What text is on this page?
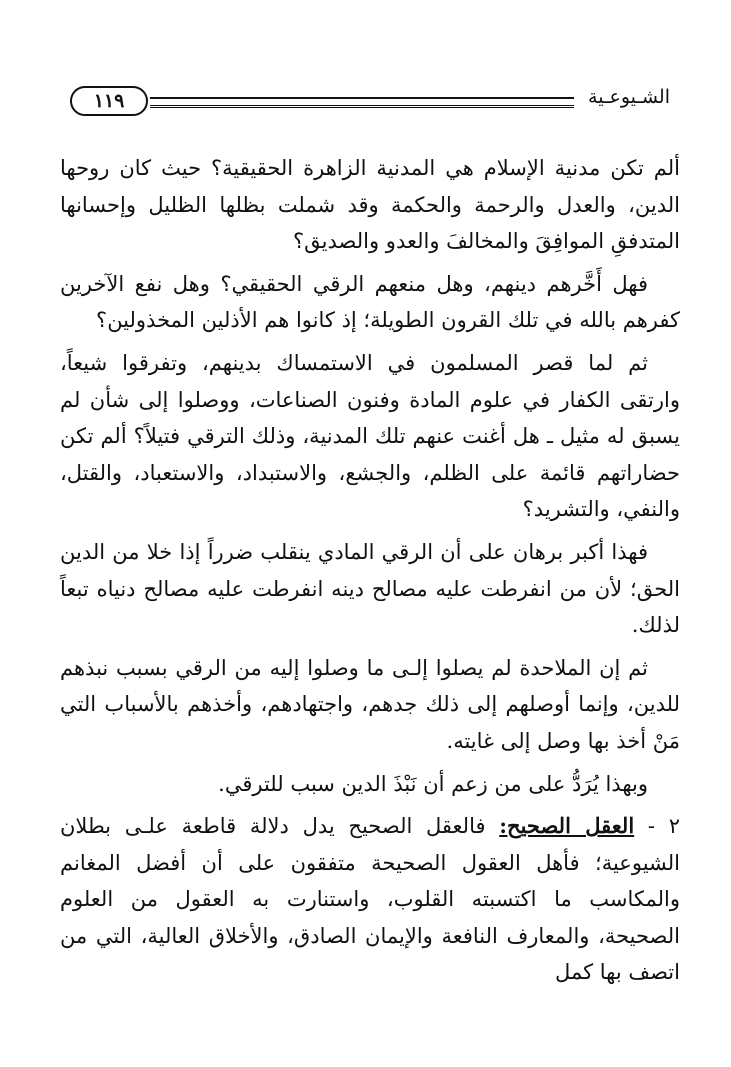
الشـيوعـية
١١٩

ألم تكن مدنية الإسلام هي المدنية الزاهرة الحقيقية؟ حيث كان روحها الدين، والعدل والرحمة والحكمة وقد شملت بظلها الظليل وإحسانها المتدفقِ الموافِقَ والمخالفَ والعدو والصديق؟

فهل أَخَّرهم دينهم، وهل منعهم الرقي الحقيقي؟ وهل نفع الآخرين كفرهم بالله في تلك القرون الطويلة؛ إذ كانوا هم الأذلين المخذولين؟

ثم لما قصر المسلمون في الاستمساك بدينهم، وتفرقوا شيعاً، وارتقى الكفار في علوم المادة وفنون الصناعات، ووصلوا إلى شأن لم يسبق له مثيل ـ هل أغنت عنهم تلك المدنية، وذلك الترقي فتيلاً؟ ألم تكن حضاراتهم قائمة على الظلم، والجشع، والاستبداد، والاستعباد، والقتل، والنفي، والتشريد؟

فهذا أكبر برهان على أن الرقي المادي ينقلب ضرراً إذا خلا من الدين الحق؛ لأن من انفرطت عليه مصالح دينه انفرطت عليه مصالح دنياه تبعاً لذلك.

ثم إن الملاحدة لم يصلوا إلـى ما وصلوا إليه من الرقي بسبب نبذهم للدين، وإنما أوصلهم إلى ذلك جدهم، واجتهادهم، وأخذهم بالأسباب التي مَنْ أخذ بها وصل إلى غايته.

وبهذا يُرَدُّ على من زعم أن نَبْذَ الدين سبب للترقي.

٢ - العقل الصحيح: فالعقل الصحيح يدل دلالة قاطعة علـى بطلان الشيوعية؛ فأهل العقول الصحيحة متفقون على أن أفضل المغانم والمكاسب ما اكتسبته القلوب، واستنارت به العقول من العلوم الصحيحة، والمعارف النافعة والإيمان الصادق، والأخلاق العالية، التي من اتصف بها كمل
